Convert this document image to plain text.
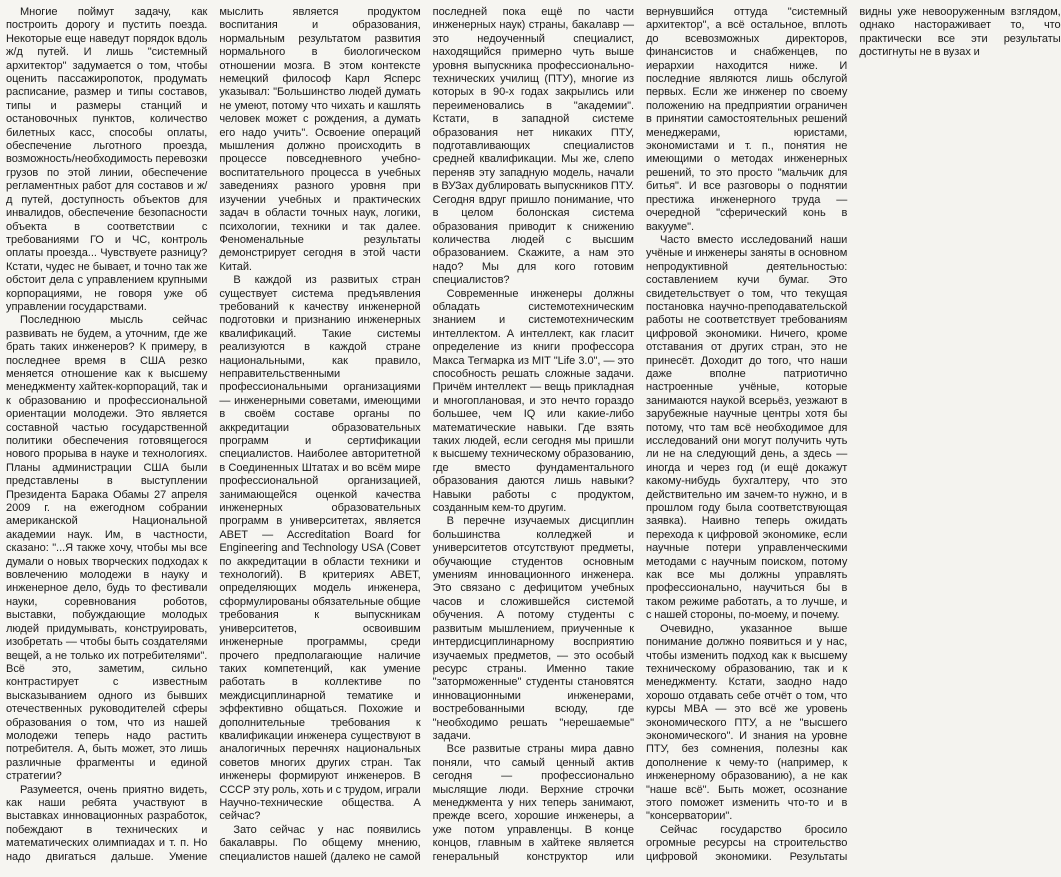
Многие поймут задачу, как построить дорогу и пустить поезда. Некоторые еще наведут порядок вдоль ж/д путей. И лишь "системный архитектор" задумается о том, чтобы оценить пассажиропоток, продумать расписание, размер и типы составов, типы и размеры станций и остановочных пунктов, количество билетных касс, способы оплаты, обеспечение льготного проезда, возможность/необходимость перевозки грузов по этой линии, обеспечение регламентных работ для составов и ж/д путей, доступность объектов для инвалидов, обеспечение безопасности объекта в соответствии с требованиями ГО и ЧС, контроль оплаты проезда... Чувствуете разницу? Кстати, чудес не бывает, и точно так же обстоит дела с управлением крупными корпорациями, не говоря уже об управлении государствами.

Последнюю мысль сейчас развивать не будем, а уточним, где же брать таких инженеров? К примеру, в последнее время в США резко меняется отношение как к высшему менеджменту хайтек-корпораций, так и к образованию и профессиональной ориентации молодежи. Это является составной частью государственной политики обеспечения готовящегося нового прорыва в науке и технологиях. Планы администрации США были представлены в выступлении Президента Барака Обамы 27 апреля 2009 г. на ежегодном собрании американской Национальной академии наук. Им, в частности, сказано: "...Я также хочу, чтобы мы все думали о новых творческих подходах к вовлечению молодежи в науку и инженерное дело, будь то фестивали науки, соревнования роботов, выставки, побуждающие молодых людей придумывать, конструировать, изобретать — чтобы быть создателями вещей, а не только их потребителями". Всё это, заметим, сильно контрастирует с известным высказыванием одного из бывших отечественных руководителей сферы образования о том, что из нашей молодежи теперь надо растить потребителя. А, быть может, это лишь различные фрагменты и единой стратегии?

Разумеется, очень приятно видеть, как наши ребята участвуют в выставках инновационных разработок, побеждают в технических и математических олимпиадах и т. п. Но надо двигаться дальше. Умение мыслить является продуктом воспитания и образования, нормальным результатом развития нормального в биологическом отношении мозга. В этом контексте немецкий философ Карл Ясперс указывал: "Большинство людей думать не умеют, потому что чихать и кашлять человек может с рождения, а думать его надо учить". Освоение операций мышления должно происходить в процессе повседневного учебно-воспитательного процесса в учебных заведениях разного уровня при изучении учебных и практических задач в области точных наук, логики, психологии, техники и так далее. Феноменальные результаты демонстрирует сегодня в этой части Китай.

В каждой из развитых стран существует система предъявления требований к качеству инженерной подготовки и признанию инженерных квалификаций. Такие системы реализуются в каждой стране национальными, как правило, неправительственными профессиональными организациями — инженерными советами, имеющими в своём составе органы по аккредитации образовательных программ и сертификации специалистов. Наиболее авторитетной в Соединенных Штатах и во всём мире профессиональной организацией, занимающейся оценкой качества инженерных образовательных программ в университетах, является ABET — Accreditation Board for Engineering and Technology USA (Совет по аккредитации в области техники и технологий). В критериях ABET, определяющих модель инженера, сформулированы обязательные общие требования к выпускникам университетов, освоившим инженерные программы, среди прочего предполагающие наличие таких компетенций, как умение работать в коллективе по междисциплинарной тематике и эффективно общаться. Похожие и дополнительные требования к квалификации инженера существуют в аналогичных перечнях национальных советов многих других стран. Так инженеры формируют инженеров. В СССР эту роль, хоть и с трудом, играли Научно-технические общества. А сейчас?

Зато сейчас у нас появились бакалавры. По общему мнению, специалистов нашей (далеко не самой последней пока ещё по части инженерных наук) страны, бакалавр — это недоученный специалист, находящийся примерно чуть выше уровня выпускника профессионально-технических училищ (ПТУ), многие из которых в 90-х годах закрылись или переименовались в "академии". Кстати, в западной системе образования нет никаких ПТУ, подготавливающих специалистов средней квалификации. Мы же, слепо переняв эту западную модель, начали в ВУЗах дублировать выпускников ПТУ. Сегодня вдруг пришло понимание, что в целом болонская система образования приводит к снижению количества людей с высшим образованием. Скажите, а нам это надо? Мы для кого готовим специалистов?

Современные инженеры должны обладать системотехническим знанием и системотехническим интеллектом. А интеллект, как гласит определение из книги профессора Макса Тегмарка из MIT "Life 3.0", — это способность решать сложные задачи. Причём интеллект — вещь прикладная и многоплановая, и это нечто гораздо большее, чем IQ или какие-либо математические навыки. Где взять таких людей, если сегодня мы пришли к высшему техническому образованию, где вместо фундаментального образования даются лишь навыки? Навыки работы с продуктом, созданным кем-то другим.

В перечне изучаемых дисциплин большинства колледжей и университетов отсутствуют предметы, обучающие студентов основным умениям инновационного инженера. Это связано с дефицитом учебных часов и сложившейся системой обучения. А потому студенты с развитым мышлением, приученные к интердисциплинарному восприятию изучаемых предметов, — это особый ресурс страны. Именно такие "заторможенные" студенты становятся инновационными инженерами, востребованными всюду, где "необходимо решать "нерешаемые" задачи.

Все развитые страны мира давно поняли, что самый ценный актив сегодня — профессионально мыслящие люди. Верхние строчки менеджмента у них теперь занимают, прежде всего, хорошие инженеры, а уже потом управленцы. В конце концов, главным в хайтеке является генеральный конструктор или вернувшийся оттуда "системный архитектор", а всё остальное, вплоть до всевозможных директоров, финансистов и снабженцев, по иерархии находится ниже. И последние являются лишь обслугой первых. Если же инженер по своему положению на предприятии ограничен в принятии самостоятельных решений менеджерами, юристами, экономистами и т. п., понятия не имеющими о методах инженерных решений, то это просто "мальчик для битья". И все разговоры о поднятии престижа инженерного труда — очередной "сферический конь в вакууме".

Часто вместо исследований наши учёные и инженеры заняты в основном непродуктивной деятельностью: составлением кучи бумаг. Это свидетельствует о том, что текущая постановка научно-преподавательской работы не соответствует требованиям цифровой экономики. Ничего, кроме отставания от других стран, это не принесёт. Доходит до того, что наши даже вполне патриотично настроенные учёные, которые занимаются наукой всерьёз, уезжают в зарубежные научные центры хотя бы потому, что там всё необходимое для исследований они могут получить чуть ли не на следующий день, а здесь — иногда и через год (и ещё докажут какому-нибудь бухгалтеру, что это действительно им зачем-то нужно, и в прошлом году была соответствующая заявка). Наивно теперь ожидать перехода к цифровой экономике, если научные потери управленческими методами с научным поиском, потому как все мы должны управлять профессионально, научиться бы в таком режиме работать, а то лучше, и с нашей стороны, по-моему, и почему.

Очевидно, указанное выше понимание должно появиться и у нас, чтобы изменить подход как к высшему техническому образованию, так и к менеджменту. Кстати, заодно надо хорошо отдавать себе отчёт о том, что курсы MBA — это всё же уровень экономического ПТУ, а не "высшего экономического". И знания на уровне ПТУ, без сомнения, полезны как дополнение к чему-то (например, к инженерному образованию), а не как "наше всё". Быть может, осознание этого поможет изменить что-то и в "консерватории".

Сейчас государство бросило огромные ресурсы на строительство цифровой экономики. Результаты видны уже невооруженным взглядом, однако настораживает то, что практически все эти результаты достигнуты не в вузах и
